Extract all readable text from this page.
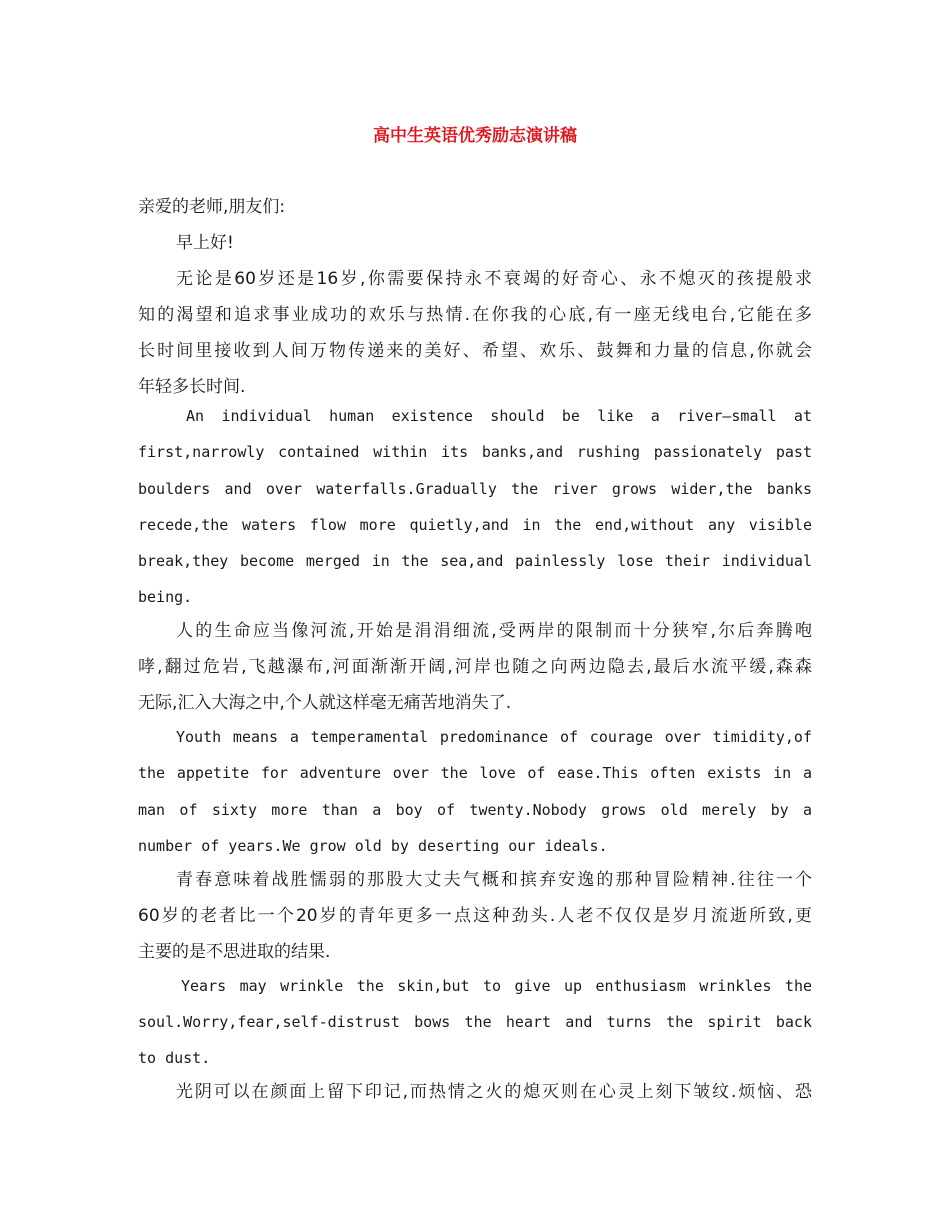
高中生英语优秀励志演讲稿
亲爱的老师,朋友们:
早上好!
无论是60岁还是16岁,你需要保持永不衰竭的好奇心、永不熄灭的孩提般求
知的渴望和追求事业成功的欢乐与热情.在你我的心底,有一座无线电台,它能在多
长时间里接收到人间万物传递来的美好、希望、欢乐、鼓舞和力量的信息,你就会
年轻多长时间.
An individual human existence should be like a river—small at
first,narrowly contained within its banks,and rushing passionately past
boulders and over waterfalls.Gradually the river grows wider,the banks
recede,the waters flow more quietly,and in the end,without any visible
break,they become merged in the sea,and painlessly lose their individual
being.
人的生命应当像河流,开始是涓涓细流,受两岸的限制而十分狭窄,尔后奔腾咆
哮,翻过危岩,飞越瀑布,河面渐渐开阔,河岸也随之向两边隐去,最后水流平缓,森森
无际,汇入大海之中,个人就这样毫无痛苦地消失了.
Youth means a temperamental predominance of courage over timidity,of
the appetite for adventure over the love of ease.This often exists in a
man of sixty more than a boy of twenty.Nobody grows old merely by a
number of years.We grow old by deserting our ideals.
青春意味着战胜懦弱的那股大丈夫气概和摈弃安逸的那种冒险精神.往往一个
60岁的老者比一个20岁的青年更多一点这种劲头.人老不仅仅是岁月流逝所致,更
主要的是不思进取的结果.
Years may wrinkle the skin,but to give up enthusiasm wrinkles the
soul.Worry,fear,self-distrust bows the heart and turns the spirit back
to dust.
光阴可以在颜面上留下印记,而热情之火的熄灭则在心灵上刻下皱纹.烦恼、恐
